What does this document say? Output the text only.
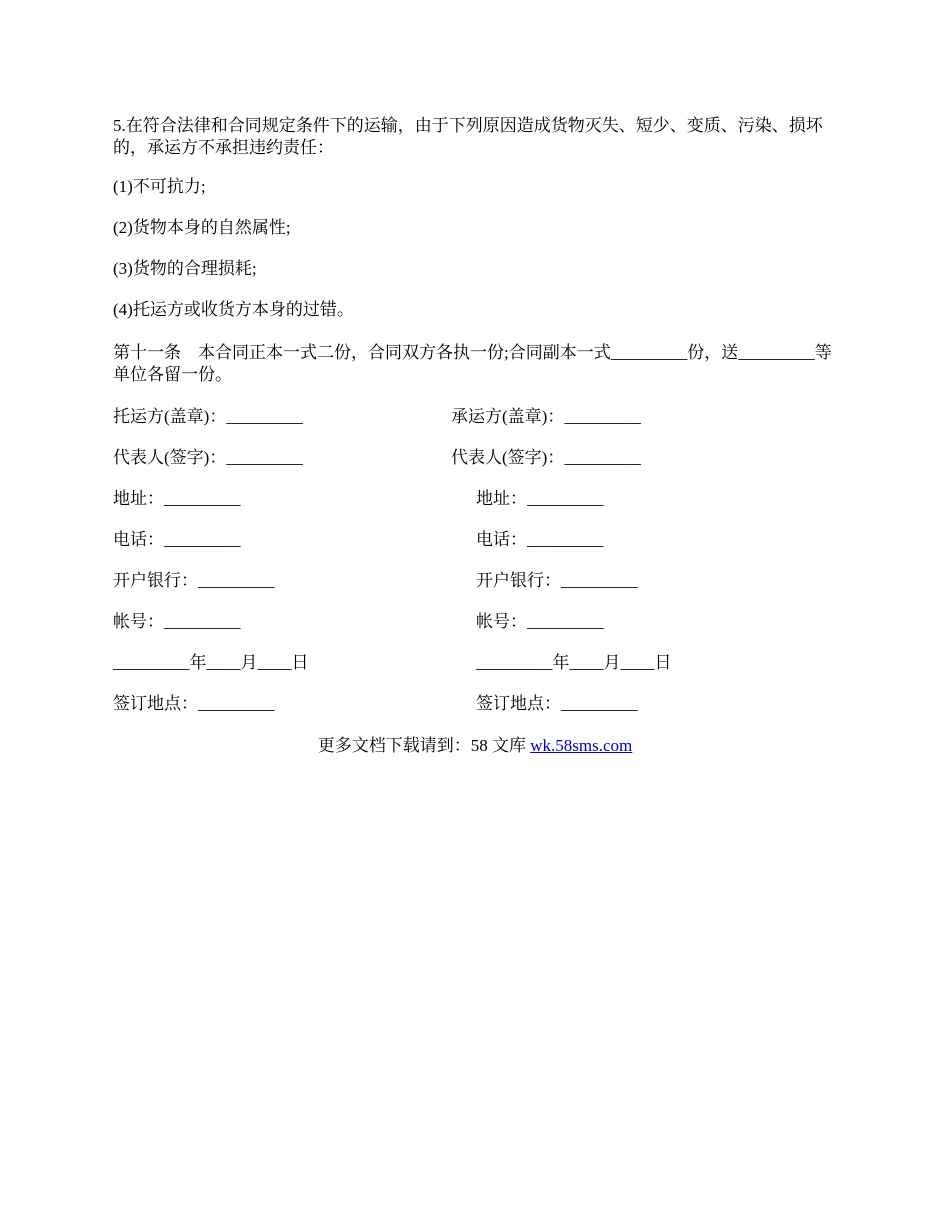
5.在符合法律和合同规定条件下的运输，由于下列原因造成货物灭失、短少、变质、污染、损坏的，承运方不承担违约责任：

(1)不可抗力;

(2)货物本身的自然属性;

(3)货物的合理损耗;

(4)托运方或收货方本身的过错。

第十一条　本合同正本一式二份，合同双方各执一份;合同副本一式_________份，送_________等单位各留一份。

托运方(盖章)：_________

代表人(签字)：_________

地址：_________

电话：_________

开户银行：_________

帐号：_________

_________年____月____日

签订地点：_________

承运方(盖章)：_________

代表人(签字)：_________

地址：_________

电话：_________

开户银行：_________

帐号：_________

_________年____月____日

签订地点：_________

更多文档下载请到：58 文库 wk.58sms.com
